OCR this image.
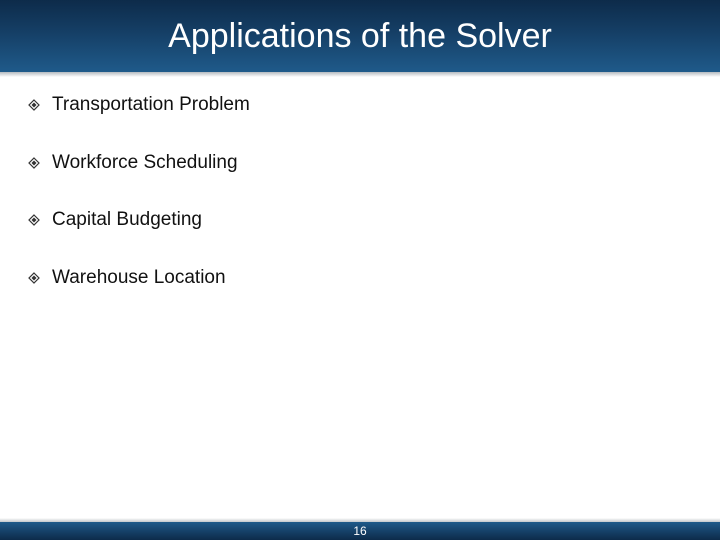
Applications of the Solver
Transportation Problem
Workforce Scheduling
Capital Budgeting
Warehouse Location
16
